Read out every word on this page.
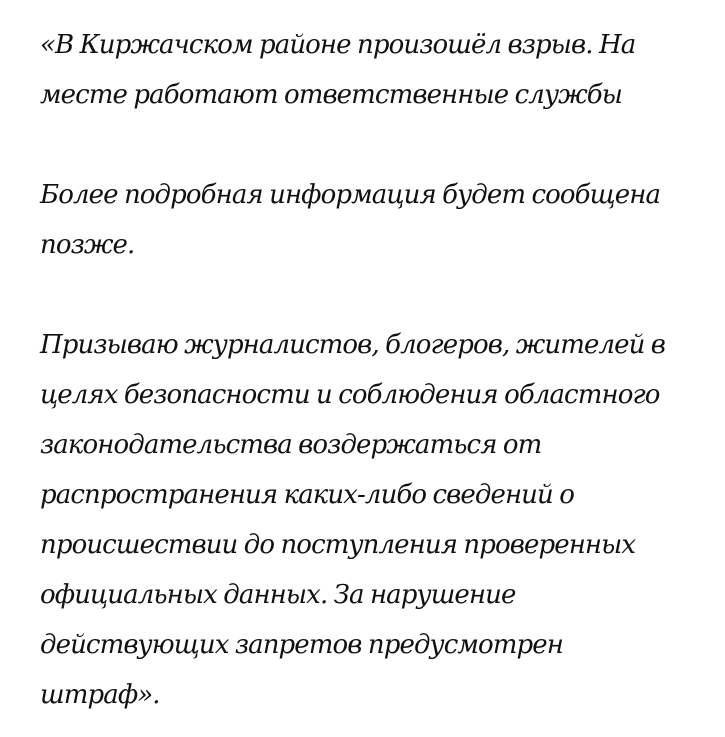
«В Киржачском районе произошёл взрыв. На
месте работают ответственные службы

Более подробная информация будет сообщена
позже.

Призываю журналистов, блогеров, жителей в
целях безопасности и соблюдения областного
законодательства воздержаться от
распространения каких-либо сведений о
происшествии до поступления проверенных
официальных данных. За нарушение
действующих запретов предусмотрен
штраф».
